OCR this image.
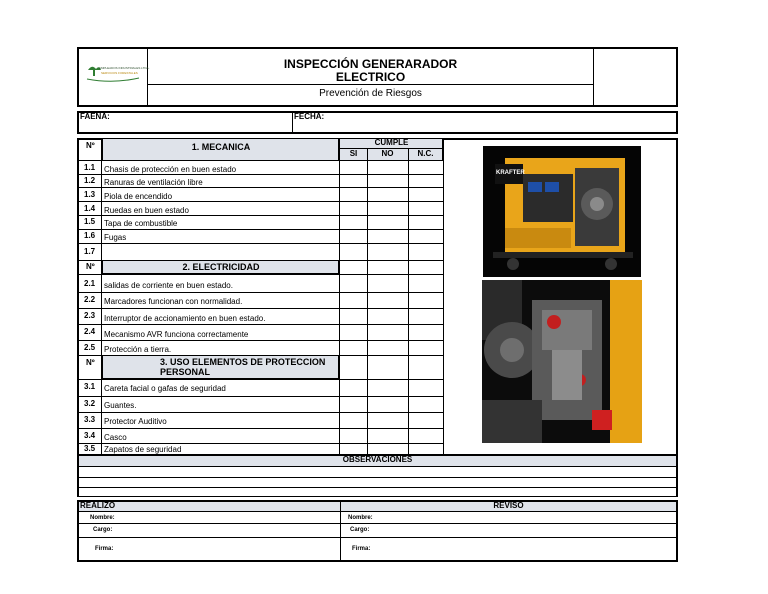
EMPLEADOS INDUSTRIALES LTDA.
SERVICIOS FORESTALES
INSPECCIÓN GENERARADOR
ELECTRICO
Prevención de Riesgos
FAENA:	FECHA:
Nº	1. MECANICA	CUMPLE
SI	NO	N.C.
Nº	2. ELECTRICIDAD
Nº	3. USO ELEMENTOS DE PROTECCION
PERSONAL
1.1 Chasis de protección en buen estado
1.2 Ranuras de ventilación libre
1.3 Piola de encendido
1.4 Ruedas en buen estado
1.5 Tapa de combustible
1.6 Fugas
1.7
2.1 salidas de corriente en buen estado.
2.2 Marcadores funcionan con normalidad.
2.3 Interruptor de accionamiento en buen estado.
2.4 Mecanismo AVR funciona correctamente
2.5 Protección a tierra.
3.1 Careta facial o gafas de seguridad
3.2 Guantes.
3.3 Protector Auditivo
3.4 Casco
3.5 Zapatos de seguridad
KRAFTER
OBSERVACIONES
REALIZO	REVISO
Nombre:
Cargo:
Firma:
Nombre:
Cargo:
Firma:
